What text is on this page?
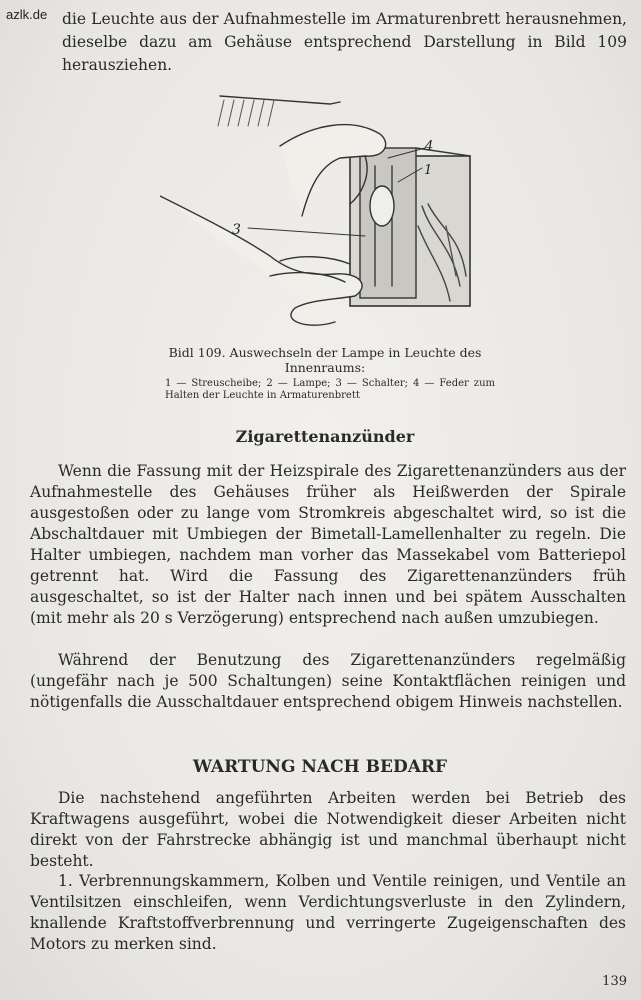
azlk.de die Leuchte aus der Aufnahmestelle im Armaturenbrett herausnehmen, dieselbe dazu am Gehäuse entsprechend Darstellung in Bild 109 herausziehen.

3
4
1
Bidl 109. Auswechseln der Lampe in Leuchte des Innenraums:
1 — Streuscheibe; 2 — Lampe; 3 — Schalter; 4 — Feder zum Halten der Leuchte in Armaturenbrett
Zigarettenanzünder

Wenn die Fassung mit der Heizspirale des Zigarettenanzünders aus der Aufnahmestelle des Gehäuses früher als Heißwerden der Spirale ausgestoßen oder zu lange vom Stromkreis abgeschaltet wird, so ist die Abschaltdauer mit Umbiegen der Bimetall-Lamellenhalter zu regeln. Die Halter umbiegen, nachdem man vorher das Massekabel vom Batteriepol getrennt hat. Wird die Fassung des Zigarettenanzünders früh ausgeschaltet, so ist der Halter nach innen und bei spätem Ausschalten (mit mehr als 20 s Verzögerung) entsprechend nach außen umzubiegen.

Während der Benutzung des Zigarettenanzünders regelmäßig (ungefähr nach je 500 Schaltungen) seine Kontaktflächen reinigen und nötigenfalls die Ausschaltdauer entsprechend obigem Hinweis nachstellen.

WARTUNG NACH BEDARF

Die nachstehend angeführten Arbeiten werden bei Betrieb des Kraftwagens ausgeführt, wobei die Notwendigkeit dieser Arbeiten nicht direkt von der Fahrstrecke abhängig ist und manchmal überhaupt nicht besteht.

1. Verbrennungskammern, Kolben und Ventile reinigen, und Ventile an Ventilsitzen einschleifen, wenn Verdichtungsverluste in den Zylindern, knallende Kraftstoffverbrennung und verringerte Zugeigenschaften des Motors zu merken sind.

139
